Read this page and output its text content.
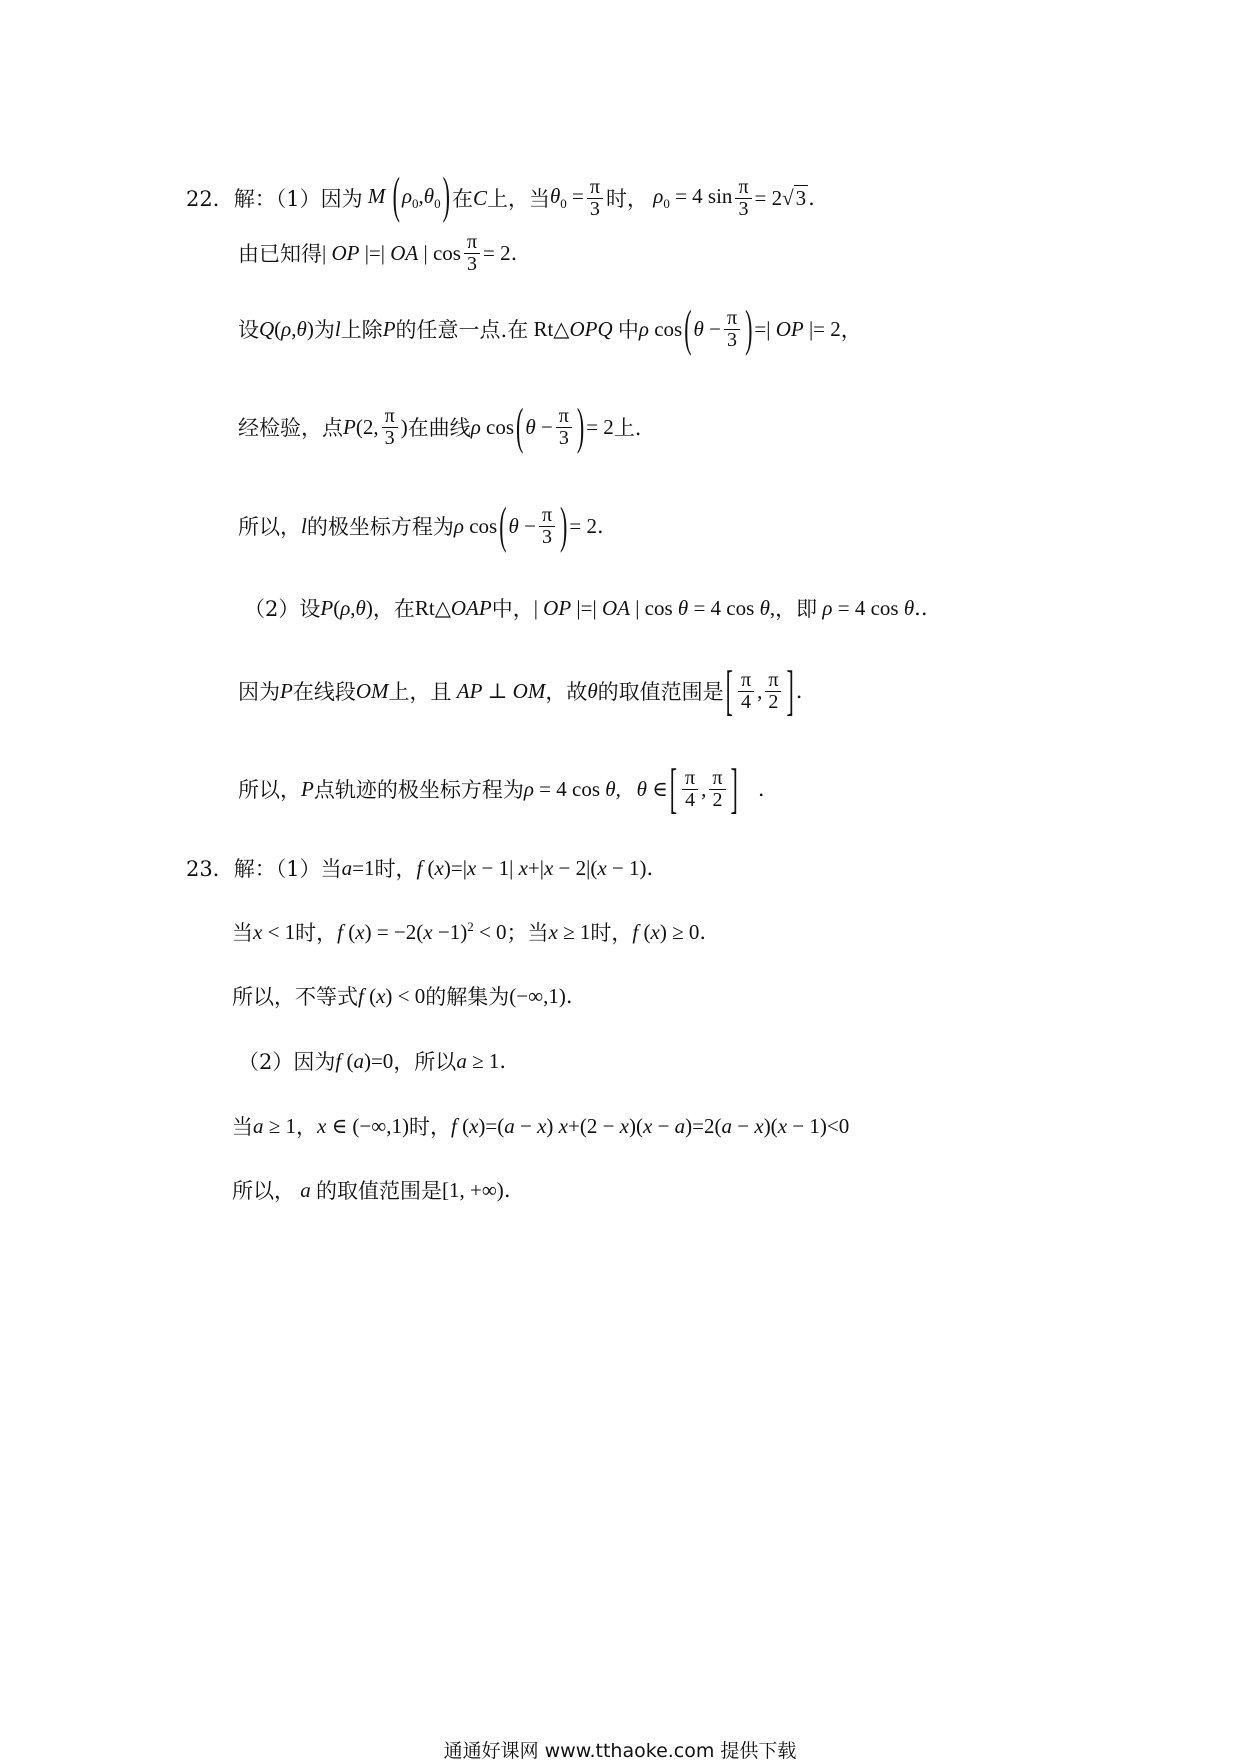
22． 解：（1）因为 M $(\rho_0,\theta_0)$ 在 C 上，当 $\theta_0 = \frac{\pi}{3}$ 时， $\rho_0 = 4$ $\sin \frac{\pi}{3} = 2√3$ .
由已知得 | OP |=| OA | $\cos \frac{\pi}{3} = 2$ .
设 Q(ρ,θ) 为 l 上除 P 的任意一点.在 Rt△OPQ 中 ρ cos ( $\theta - \frac{\pi}{3}$ ) =| OP |= 2 ，
经检验，点 P(2, $\frac{\pi}{3}$ ) 在曲线 ρ cos ( $\theta - \frac{\pi}{3}$ ) = 2 上.
所以， l 的极坐标方程为 ρ cos ( $\theta - \frac{\pi}{3}$ ) = 2 .
（2）设 P(ρ,θ) ，在 Rt△OAP 中， | OP |=| OA | cos θ = 4 cos θ, ，即 ρ = 4 cos θ ..
因为 P 在线段 OM 上，且 AP ⊥ OM ，故 θ 的取值范围是 [ $\frac{\pi}{4}$ , $\frac{\pi}{2}$ ] .
所以， P 点轨迹的极坐标方程为 ρ = 4 cos θ,   θ ∈ [ $\frac{\pi}{4}$ , $\frac{\pi}{2}$ ] .
23． 解：（1）当 a=1 时， f (x)=|x − 1| x+|x − 2|(x − 1) .
当 x < 1 时， f $(x) = -2(x -1)^2 < 0$ ；当 x ≥ 1 时， f (x) ≥ 0 .
所以，不等式 f (x) < 0 的解集为 (−∞,1) .
（2）因为 f (a)=0 ，所以 a ≥ 1 .
当 a ≥ 1 ， x ∈ (−∞,1) 时， f (x)=(a − x) x+(2 − x)(x − a)=2(a − x)(x − 1)<0
所以， a 的取值范围是 [1, +∞) .
通通好课网 www.tthaoke.com 提供下载
